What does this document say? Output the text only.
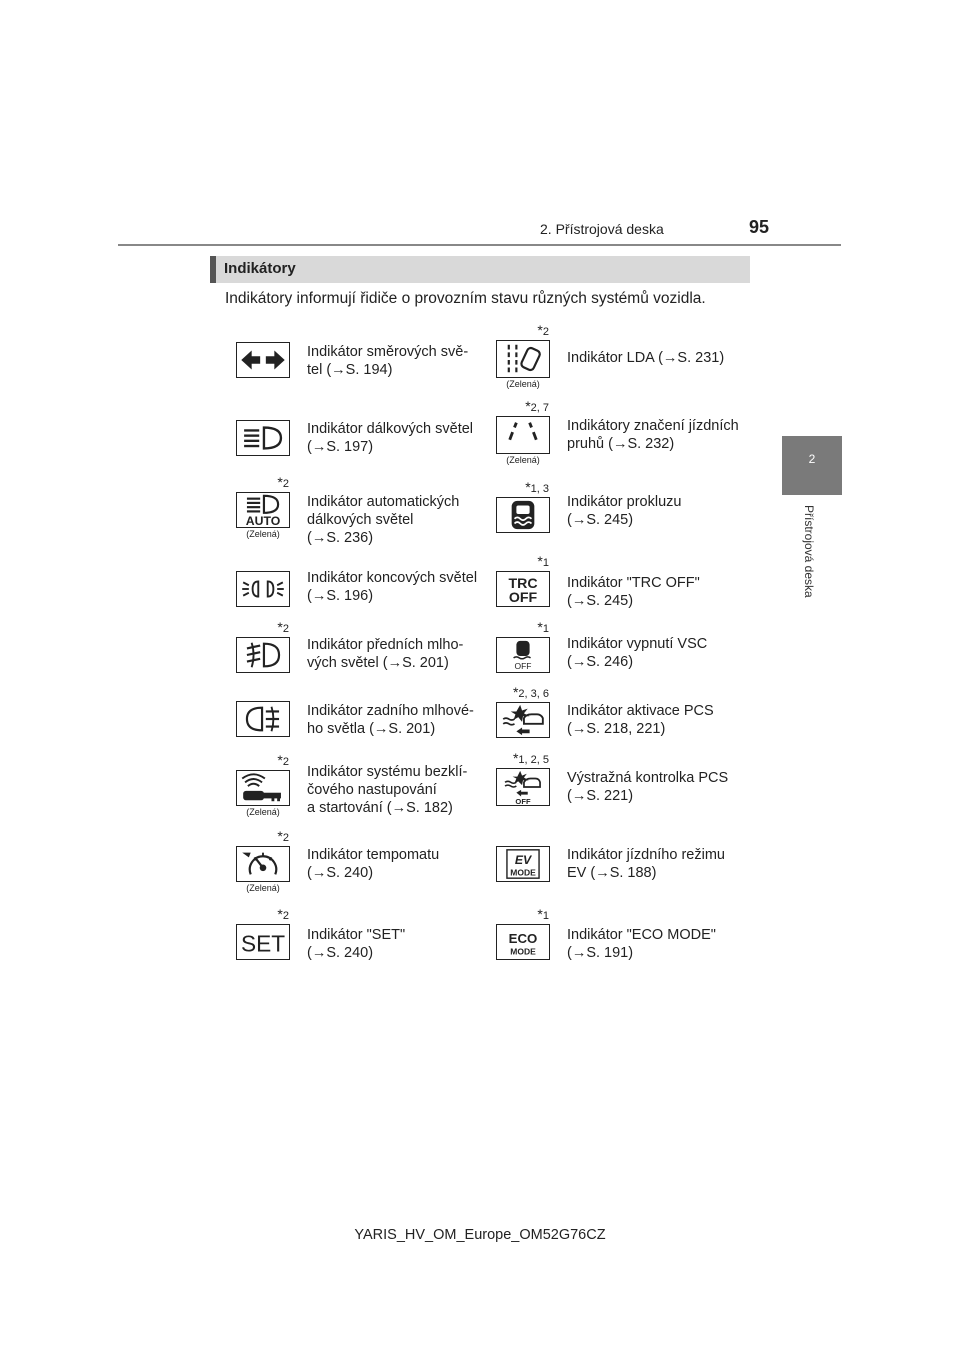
2. Přístrojová deska	95
2
Přístrojová deska
Indikátory
Indikátory informují řidiče o provozním stavu různých systémů vozidla.
AUTO
SET
TRC
OFF
OFF
OFF
EV
MODE
ECO
MODE
Indikátor směrových svě-
tel (→S. 194)
Indikátor dálkových světel
(→S. 197)
*2
(Zelená)
Indikátor automatických
dálkových světel
(→S. 236)
Indikátor koncových světel
(→S. 196)
*2
Indikátor předních mlho-
vých světel (→S. 201)
Indikátor zadního mlhové-
ho světla (→S. 201)
*2
(Zelená)
Indikátor systému bezklí-
čového nastupování
a startování (→S. 182)
*2
(Zelená)
Indikátor tempomatu
(→S. 240)
*2
Indikátor "SET"
(→S. 240)
*2
(Zelená)
Indikátor LDA (→S. 231)
*2, 7
(Zelená)
Indikátory značení jízdních
pruhů (→S. 232)
*1, 3
Indikátor prokluzu
(→S. 245)
*1
Indikátor "TRC OFF"
(→S. 245)
*1
Indikátor vypnutí VSC
(→S. 246)
*2, 3, 6
Indikátor aktivace PCS
(→S. 218, 221)
*1, 2, 5
Výstražná kontrolka PCS
(→S. 221)
Indikátor jízdního režimu
EV (→S. 188)
*1
Indikátor "ECO MODE"
(→S. 191)
YARIS_HV_OM_Europe_OM52G76CZ
